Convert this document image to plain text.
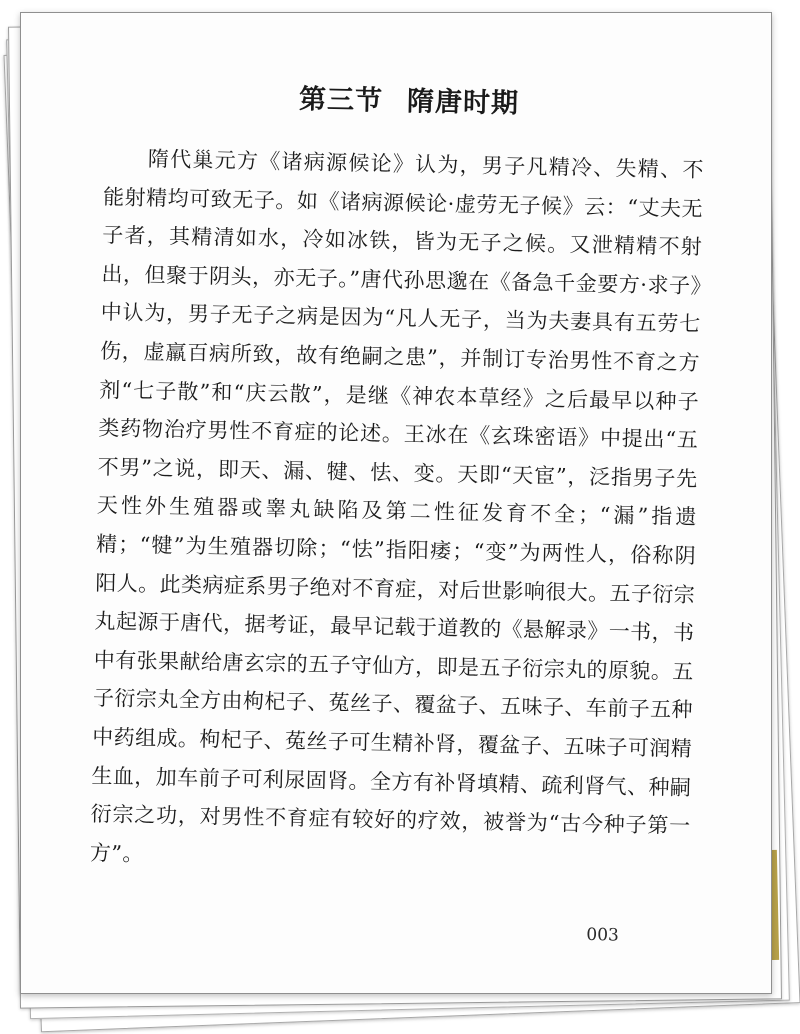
第三节 隋唐时期

隋代巢元方《诸病源候论》认为，男子凡精冷、失精、不能射精均可致无子。如《诸病源候论·虚劳无子候》云：“丈夫无子者，其精清如水，冷如冰铁，皆为无子之候。又泄精精不射出，但聚于阴头，亦无子。”唐代孙思邈在《备急千金要方·求子》中认为，男子无子之病是因为“凡人无子，当为夫妻具有五劳七伤，虚羸百病所致，故有绝嗣之患”，并制订专治男性不育之方剂“七子散”和“庆云散”，是继《神农本草经》之后最早以种子类药物治疗男性不育症的论述。王冰在《玄珠密语》中提出“五不男”之说，即天、漏、犍、怯、变。天即“天宦”，泛指男子先天性外生殖器或睾丸缺陷及第二性征发育不全；“漏”指遗精；“犍”为生殖器切除；“怯”指阳痿；“变”为两性人，俗称阴阳人。此类病症系男子绝对不育症，对后世影响很大。五子衍宗丸起源于唐代，据考证，最早记载于道教的《悬解录》一书，书中有张果献给唐玄宗的五子守仙方，即是五子衍宗丸的原貌。五子衍宗丸全方由枸杞子、菟丝子、覆盆子、五味子、车前子五种中药组成。枸杞子、菟丝子可生精补肾，覆盆子、五味子可润精生血，加车前子可利尿固肾。全方有补肾填精、疏利肾气、种嗣衍宗之功，对男性不育症有较好的疗效，被誉为“古今种子第一方”。

003
